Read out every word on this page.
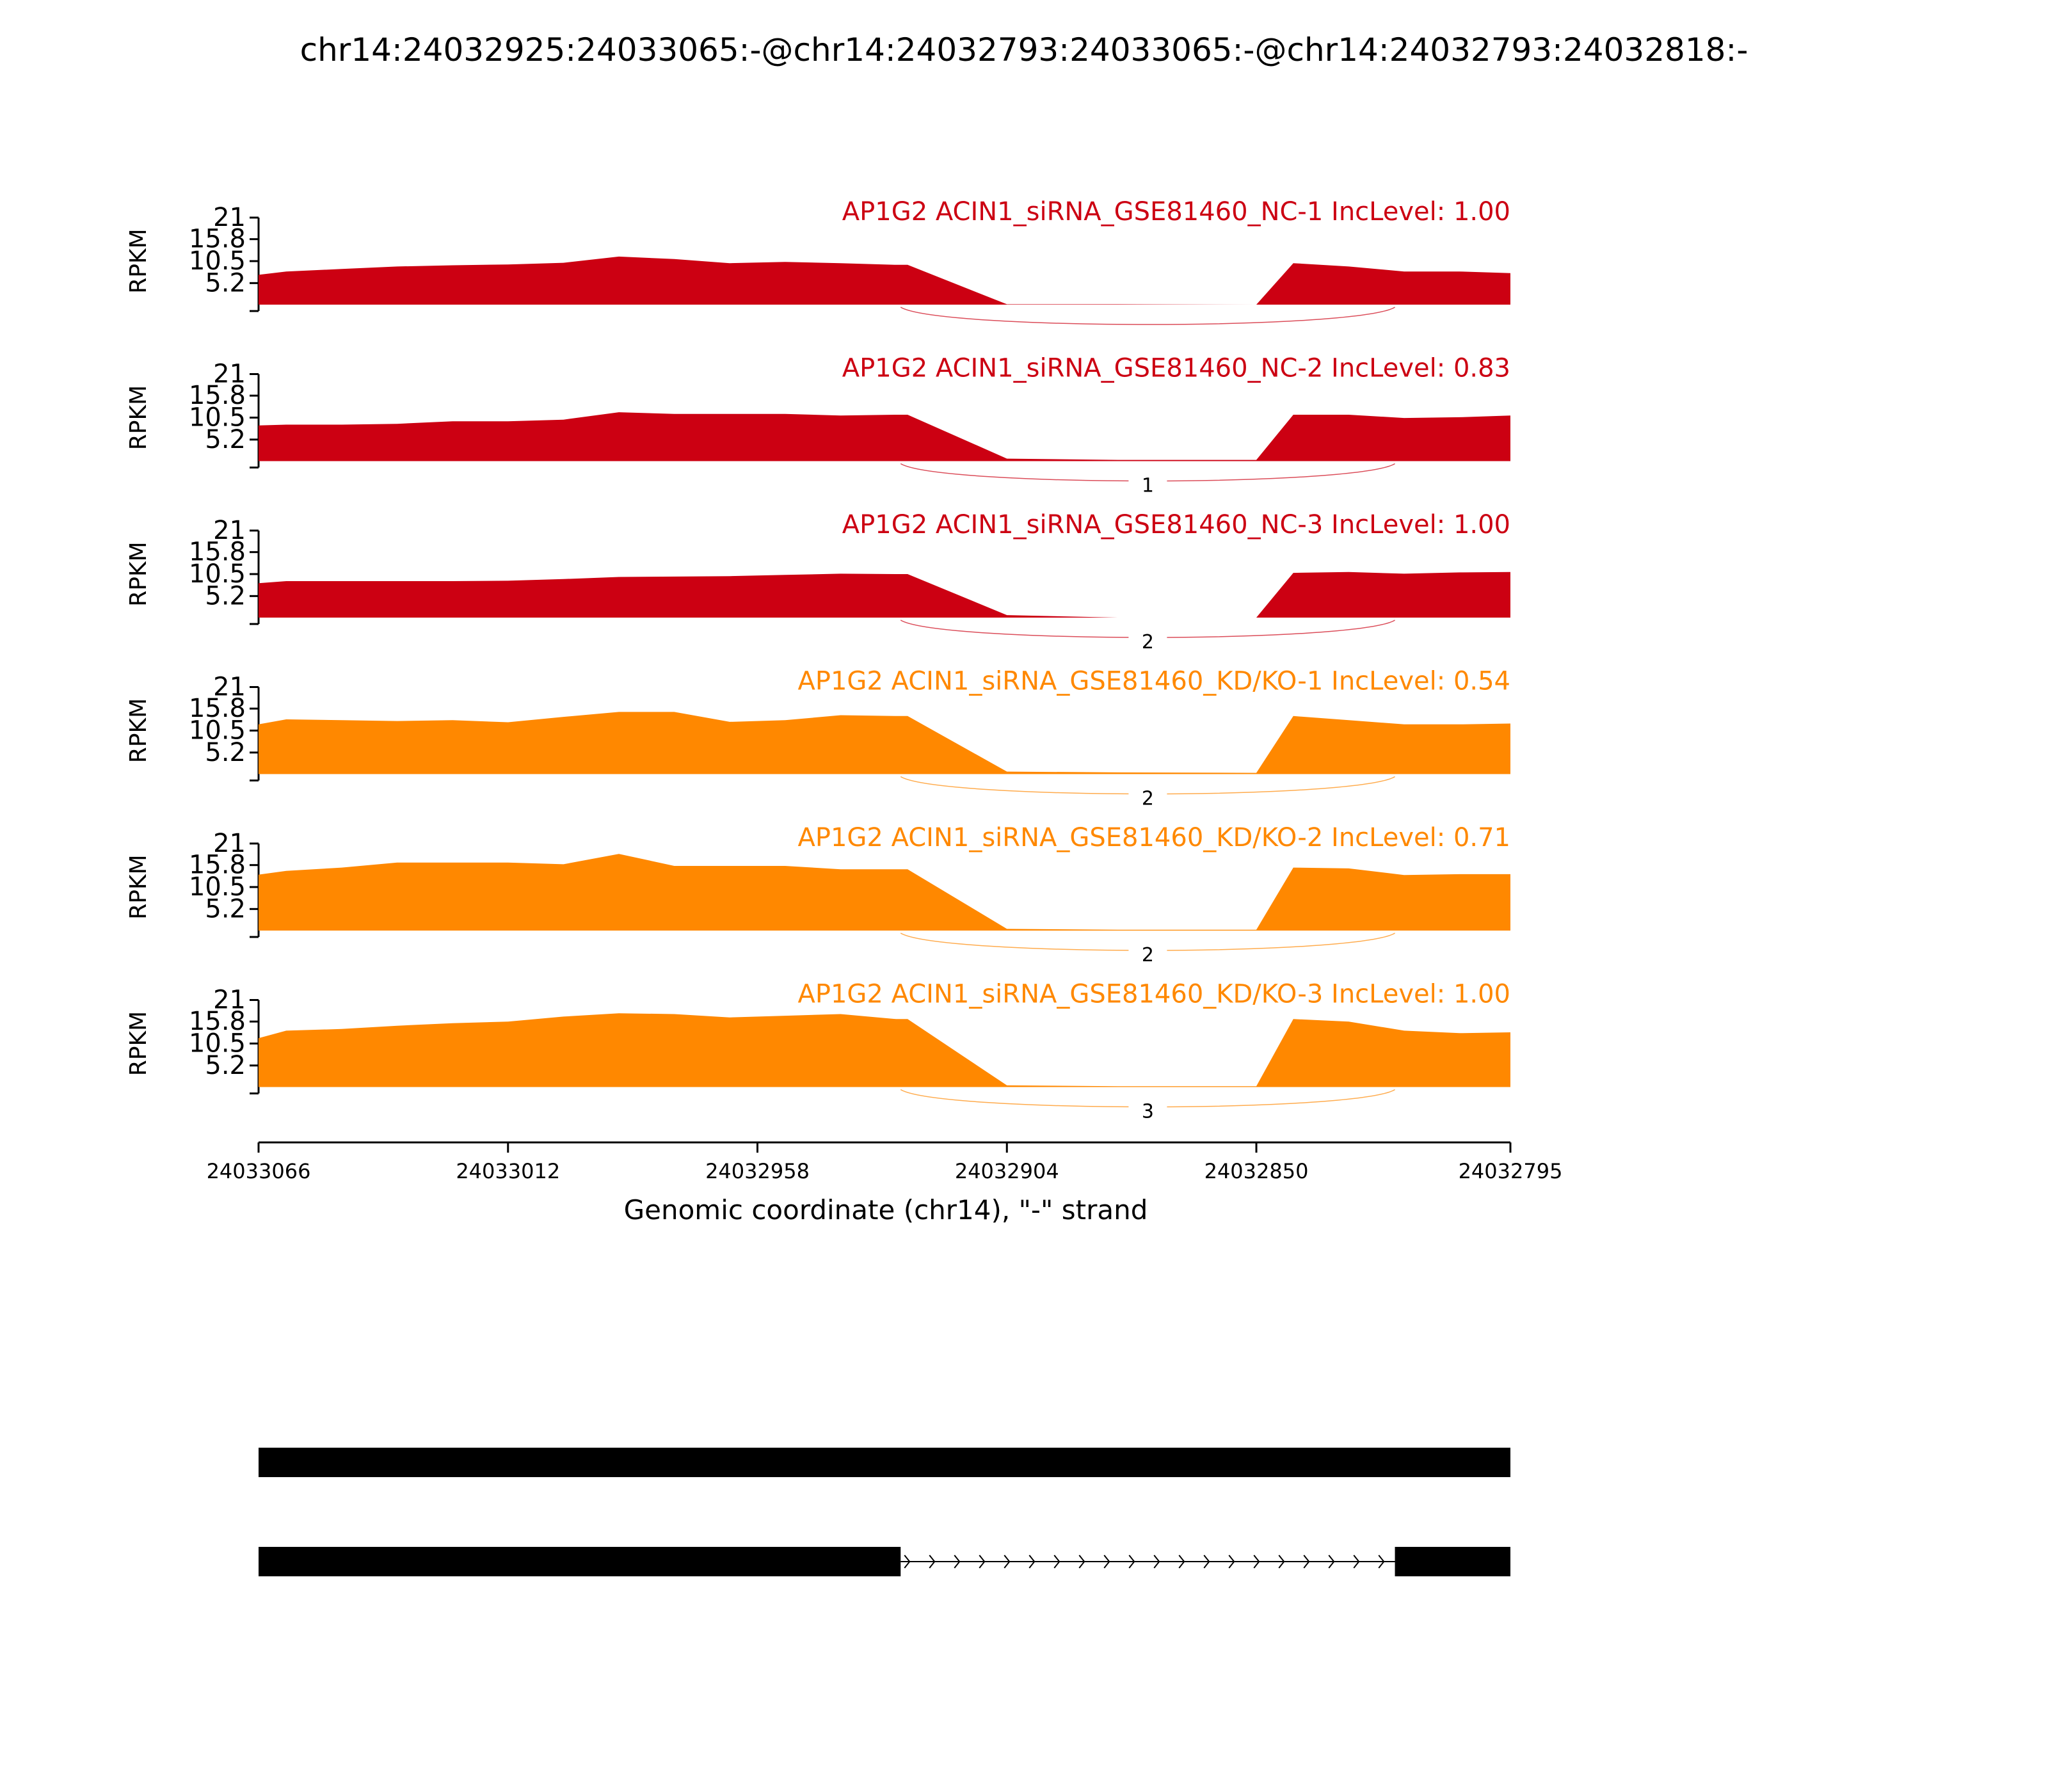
chr14:24032925:24033065:-@chr14:24032793:24033065:-@chr14:24032793:24032818:-
21
15.8
10.5
5.2
RPKM
AP1G2 ACIN1_siRNA_GSE81460_NC-1 IncLevel: 1.00
21
15.8
10.5
5.2
RPKM
1
AP1G2 ACIN1_siRNA_GSE81460_NC-2 IncLevel: 0.83
21
15.8
10.5
5.2
RPKM
2
AP1G2 ACIN1_siRNA_GSE81460_NC-3 IncLevel: 1.00
21
15.8
10.5
5.2
RPKM
2
AP1G2 ACIN1_siRNA_GSE81460_KD/KO-1 IncLevel: 0.54
21
15.8
10.5
5.2
RPKM
2
AP1G2 ACIN1_siRNA_GSE81460_KD/KO-2 IncLevel: 0.71
21
15.8
10.5
5.2
RPKM
3
AP1G2 ACIN1_siRNA_GSE81460_KD/KO-3 IncLevel: 1.00
24033066	24033012	24032958	24032904	24032850	24032795
Genomic coordinate (chr14), "-" strand
